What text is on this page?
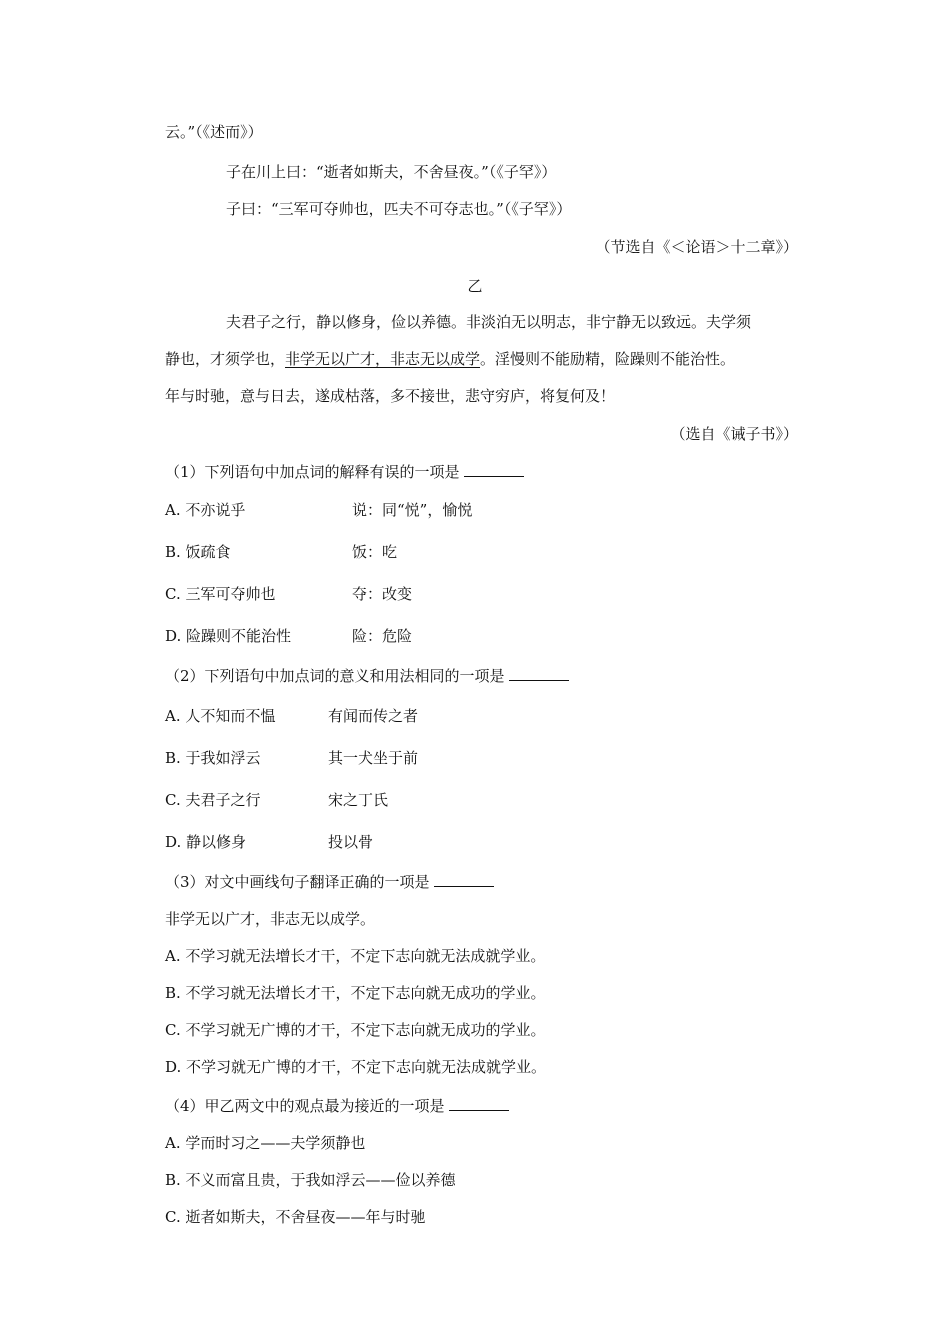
云。”（《述而》）
子在川上曰：“逝者如斯夫，不舍昼夜。”（《子罕》）
子曰：“三军可夺帅也，匹夫不可夺志也。”（《子罕》）
（节选自《＜论语＞十二章》）
乙
夫君子之行，静以修身，俭以养德。非淡泊无以明志，非宁静无以致远。夫学须
静也，才须学也，非学无以广才，非志无以成学。淫慢则不能励精，险躁则不能治性。
年与时驰，意与日去，遂成枯落，多不接世，悲守穷庐，将复何及！
（选自《诫子书》）
（1）下列语句中加点词的解释有误的一项是
A. 不亦说乎	说：同“悦”，愉悦
B. 饭疏食	饭：吃
C. 三军可夺帅也	夺：改变
D. 险躁则不能治性	险：危险
（2）下列语句中加点词的意义和用法相同的一项是
A. 人不知而不愠	有闻而传之者
B. 于我如浮云	其一犬坐于前
C. 夫君子之行	宋之丁氏
D. 静以修身	投以骨
（3）对文中画线句子翻译正确的一项是
非学无以广才，非志无以成学。
A. 不学习就无法增长才干，不定下志向就无法成就学业。
B. 不学习就无法增长才干，不定下志向就无成功的学业。
C. 不学习就无广博的才干，不定下志向就无成功的学业。
D. 不学习就无广博的才干，不定下志向就无法成就学业。
（4）甲乙两文中的观点最为接近的一项是
A. 学而时习之——夫学须静也
B. 不义而富且贵，于我如浮云——俭以养德
C. 逝者如斯夫，不舍昼夜——年与时驰
